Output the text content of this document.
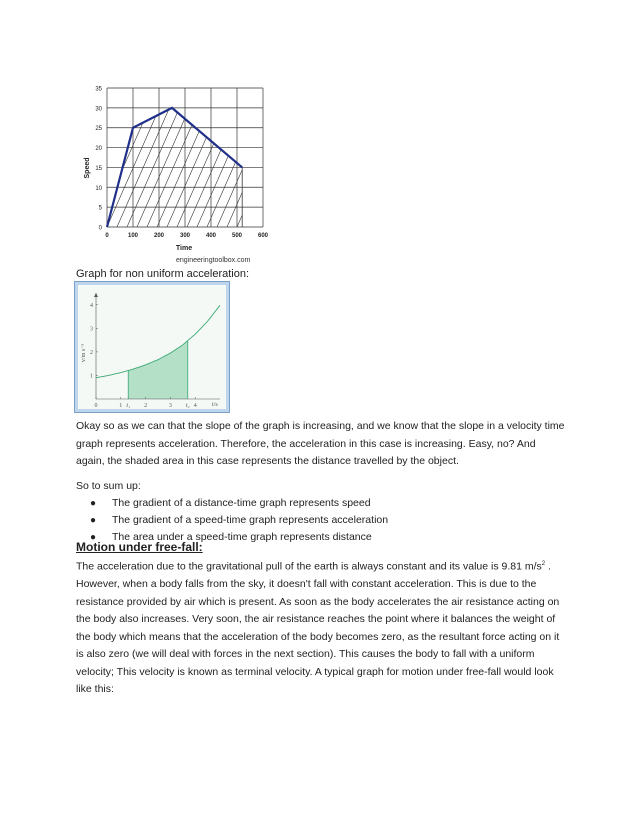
0
5
10
15
20
25
30
35
0	100	200	300	400	500	600
Speed
Time
engineeringtoolbox.com
Graph for non uniform acceleration:
0	1	2	3	4
1
2
3
4
t₁	t₂	t/s
v/m s⁻¹
Okay so as we can that the slope of the graph is increasing, and we know that the slope in a velocity time graph represents acceleration. Therefore, the acceleration in this case is increasing. Easy, no? And again, the shaded area in this case represents the distance travelled by the object.
So to sum up:
● The gradient of a distance-time graph represents speed
● The gradient of a speed-time graph represents acceleration
● The area under a speed-time graph represents distance
Motion under free-fall:
The acceleration due to the gravitational pull of the earth is always constant and its value is 9.81 $m/s^2$ . However, when a body falls from the sky, it doesn't fall with constant acceleration. This is due to the resistance provided by air which is present. As soon as the body accelerates the air resistance acting on the body also increases. Very soon, the air resistance reaches the point where it balances the weight of the body which means that the acceleration of the body becomes zero, as the resultant force acting on it is also zero (we will deal with forces in the next section). This causes the body to fall with a uniform velocity; This velocity is known as terminal velocity. A typical graph for motion under free-fall would look like this:
